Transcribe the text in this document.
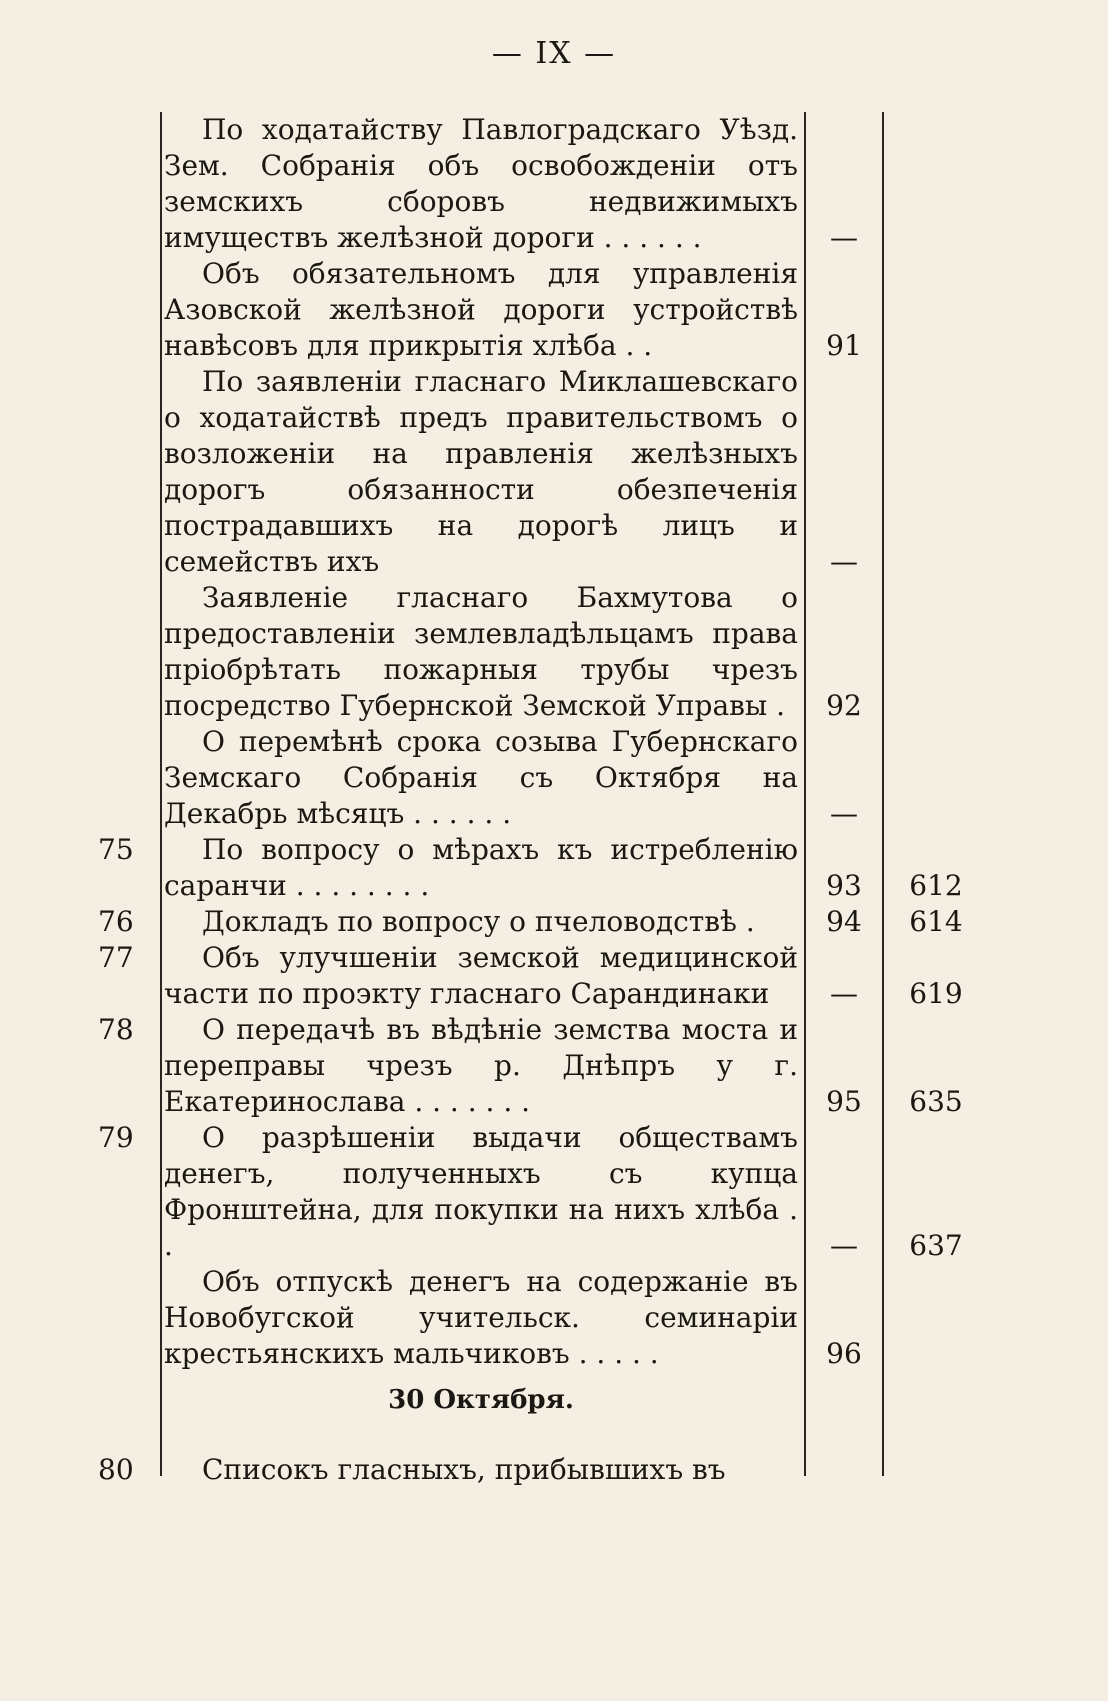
— IX —
По ходатайству Павлоградскаго Уѣзд. Зем. Собранія объ освобожденіи отъ земскихъ сборовъ недвижимыхъ имуществъ желѣзной дороги . . . . . .	—
Объ обязательномъ для управленія Азовской желѣзной дороги устройствѣ навѣсовъ для прикрытія хлѣба . .	91
По заявленіи гласнаго Миклашевскаго о ходатайствѣ предъ правительствомъ о возложеніи на правленія желѣзныхъ дорогъ обязанности обезпеченія пострадавшихъ на дорогѣ лицъ и семействъ ихъ	—
Заявленіе гласнаго Бахмутова о предоставленіи землевладѣльцамъ права пріобрѣтать пожарныя трубы чрезъ посредство Губернской Земской Управы .	92
О перемѣнѣ срока созыва Губернскаго Земскаго Собранія съ Октября на Декабрь мѣсяцъ . . . . . .	—
75	По вопросу о мѣрахъ къ истребленію саранчи . . . . . . . .	93	612
76	Докладъ по вопросу о пчеловодствѣ .	94	614
77	Объ улучшеніи земской медицинской части по проэкту гласнаго Сарандинаки	—	619
78	О передачѣ въ вѣдѣніе земства моста и переправы чрезъ р. Днѣпръ у г. Екатеринослава . . . . . . .	95	635
79	О разрѣшеніи выдачи обществамъ денегъ, полученныхъ съ купца Фронштейна, для покупки на нихъ хлѣба . .	—	637
Объ отпускѣ денегъ на содержаніе въ Новобугской учительск. семинаріи крестьянскихъ мальчиковъ . . . . .	96
30 Октября.
80	Списокъ гласныхъ, прибывшихъ въ
